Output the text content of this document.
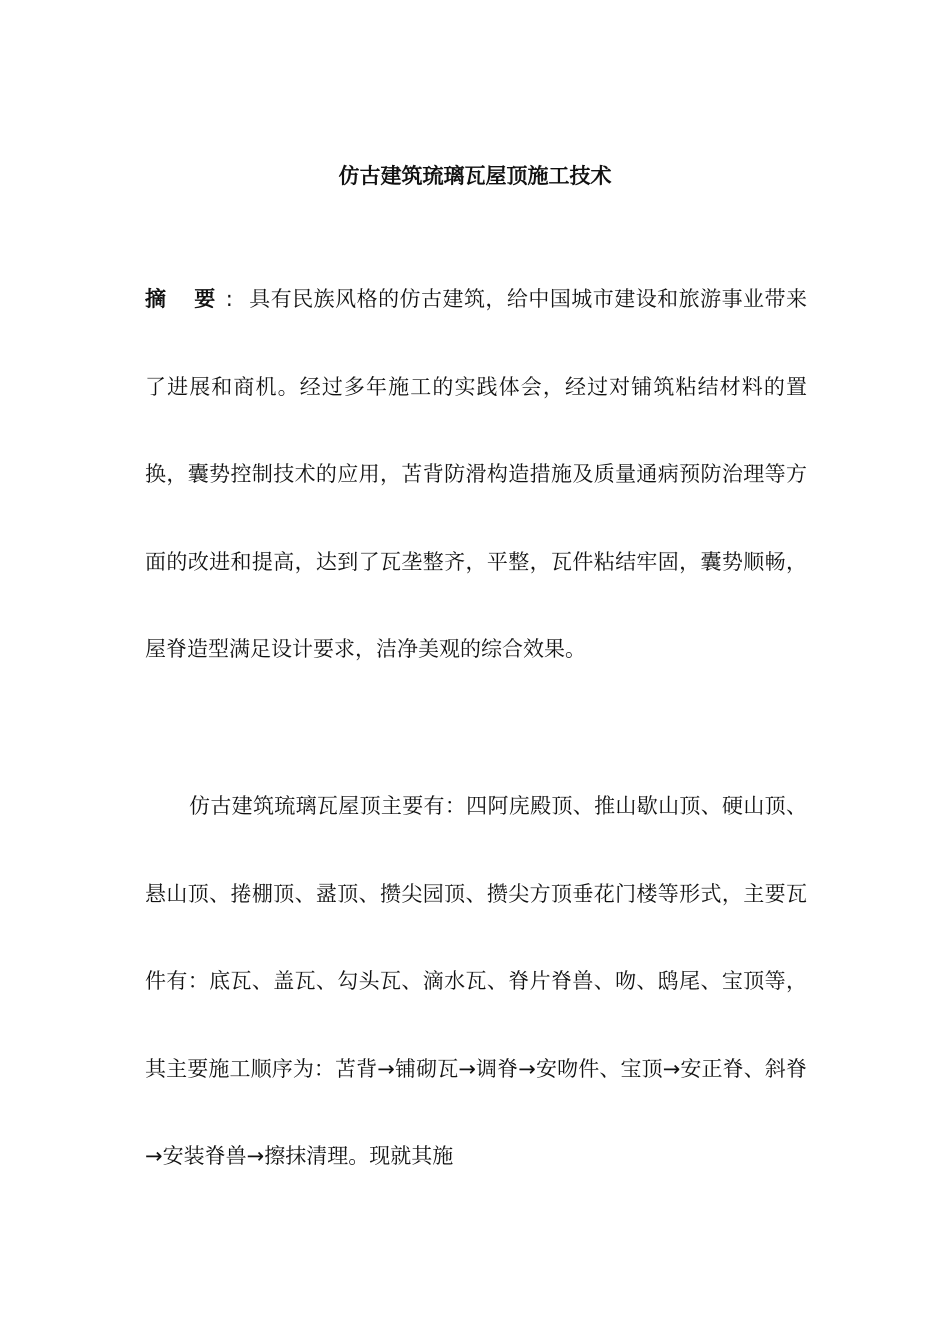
仿古建筑琉璃瓦屋顶施工技术
摘 要: 具有民族风格的仿古建筑，给中国城市建设和旅游事业带来了进展和商机。经过多年施工的实践体会，经过对铺筑粘结材料的置换，囊势控制技术的应用，苫背防滑构造措施及质量通病预防治理等方面的改进和提高，达到了瓦垄整齐，平整，瓦件粘结牢固，囊势顺畅，屋脊造型满足设计要求，洁净美观的综合效果。
仿古建筑琉璃瓦屋顶主要有：四阿庑殿顶、推山歇山顶、硬山顶、悬山顶、捲棚顶、盝顶、攒尖园顶、攒尖方顶垂花门楼等形式，主要瓦件有：底瓦、盖瓦、勾头瓦、滴水瓦、脊片脊兽、吻、鸱尾、宝顶等，其主要施工顺序为：苫背→铺砌瓦→调脊→安吻件、宝顶→安正脊、斜脊→安装脊兽→擦抹清理。现就其施
